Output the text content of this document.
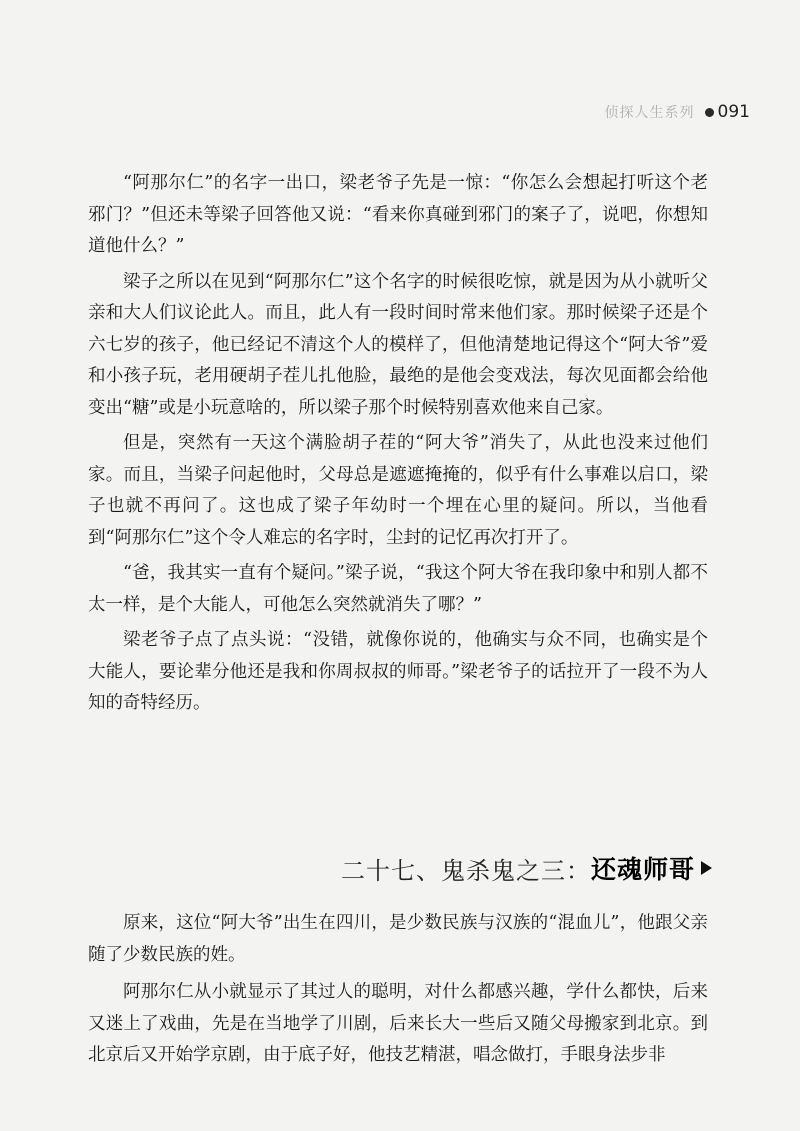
侦探人生系列 091

“阿那尔仁”的名字一出口，梁老爷子先是一惊：“你怎么会想起打听这个老邪门？”但还未等梁子回答他又说：“看来你真碰到邪门的案子了，说吧，你想知道他什么？”

梁子之所以在见到“阿那尔仁”这个名字的时候很吃惊，就是因为从小就听父亲和大人们议论此人。而且，此人有一段时间时常来他们家。那时候梁子还是个六七岁的孩子，他已经记不清这个人的模样了，但他清楚地记得这个“阿大爷”爱和小孩子玩，老用硬胡子茬儿扎他脸，最绝的是他会变戏法，每次见面都会给他变出“糖”或是小玩意啥的，所以梁子那个时候特别喜欢他来自己家。

但是，突然有一天这个满脸胡子茬的“阿大爷”消失了，从此也没来过他们家。而且，当梁子问起他时，父母总是遮遮掩掩的，似乎有什么事难以启口，梁子也就不再问了。这也成了梁子年幼时一个埋在心里的疑问。所以，当他看到“阿那尔仁”这个令人难忘的名字时，尘封的记忆再次打开了。

“爸，我其实一直有个疑问。”梁子说，“我这个阿大爷在我印象中和别人都不太一样，是个大能人，可他怎么突然就消失了哪？”

梁老爷子点了点头说：“没错，就像你说的，他确实与众不同，也确实是个大能人，要论辈分他还是我和你周叔叔的师哥。”梁老爷子的话拉开了一段不为人知的奇特经历。

二十七、鬼杀鬼之三： 还魂师哥

原来，这位“阿大爷”出生在四川，是少数民族与汉族的“混血儿”，他跟父亲随了少数民族的姓。

阿那尔仁从小就显示了其过人的聪明，对什么都感兴趣，学什么都快，后来又迷上了戏曲，先是在当地学了川剧，后来长大一些后又随父母搬家到北京。到北京后又开始学京剧，由于底子好，他技艺精湛，唱念做打，手眼身法步非
